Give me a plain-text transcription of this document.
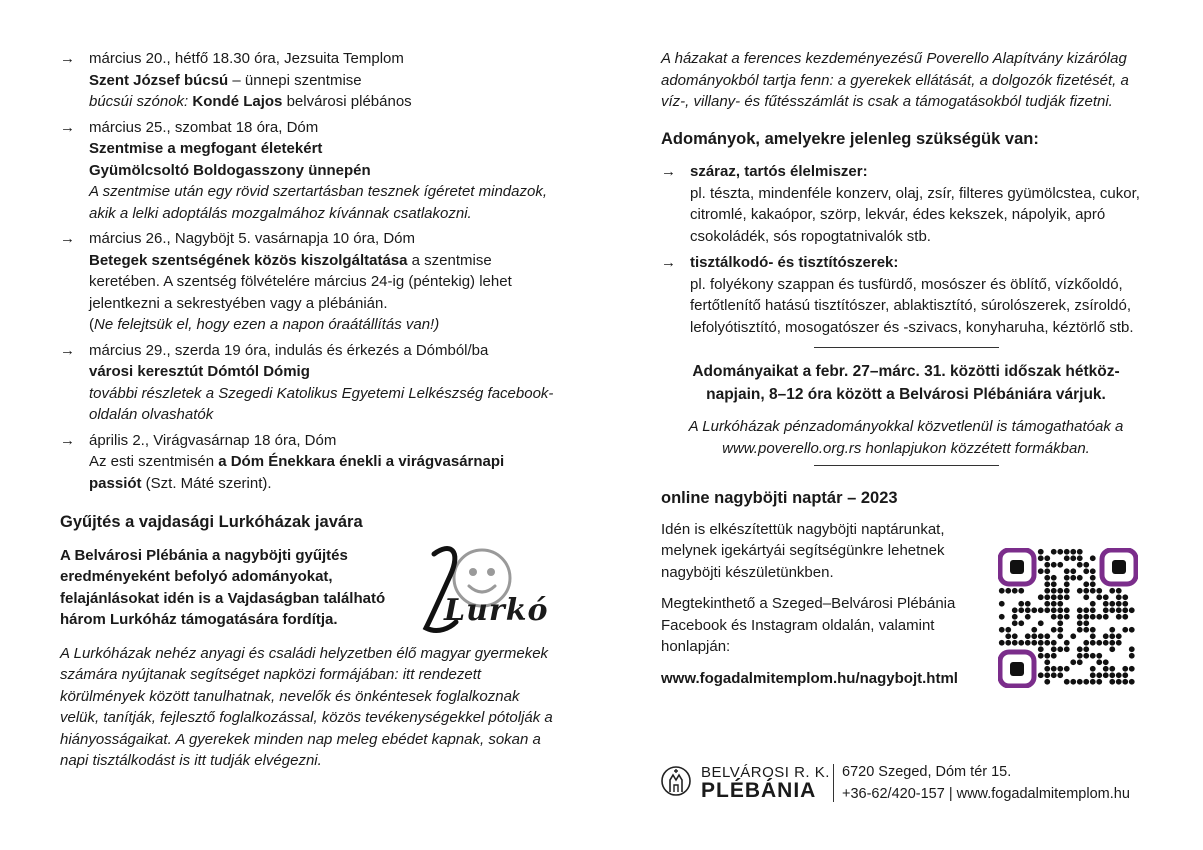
→ március 20., hétfő 18.30 óra, Jezsuita Templom
Szent József búcsú – ünnepi szentmise
búcsúi szónok: Kondé Lajos belvárosi plébános
→ március 25., szombat 18 óra, Dóm
Szentmise a megfogant életekért
Gyümölcsoltó Boldogasszony ünnepén
A szentmise után egy rövid szertartásban tesznek ígéretet mindazok, akik a lelki adoptálás mozgalmához kívánnak csatlakozni.
→ március 26., Nagyböjt 5. vasárnapja 10 óra, Dóm
Betegek szentségének közös kiszolgáltatása a szentmise keretében. A szentség fölvételére március 24-ig (péntekig) lehet jelentkezni a sekrestyében vagy a plébánián.
(Ne felejtsük el, hogy ezen a napon óraátállítás van!)
→ március 29., szerda 19 óra, indulás és érkezés a Dómból/ba
városi keresztút Dómtól Dómig
további részletek a Szegedi Katolikus Egyetemi Lelkészség facebook-oldalán olvashatók
→ április 2., Virágvasárnap 18 óra, Dóm
Az esti szentmisén a Dóm Énekkara énekli a virágvasárnapi passiót (Szt. Máté szerint).
Gyűjtés a vajdasági Lurkóházak javára
A Belvárosi Plébánia a nagyböjti gyűjtés eredményeként befolyó adományokat, felajánlásokat idén is a Vajdaságban található három Lurkóház támogatására fordítja.
A Lurkóházak nehéz anyagi és családi helyzetben élő magyar gyermekek számára nyújtanak segítséget napközi formájában: itt rendezett körülmények között tanulhatnak, nevelők és önkéntesek foglalkoznak velük, tanítják, fejlesztő foglalkozással, közös tevékenységekkel pótolják a hiányosságaikat. A gyerekek minden nap meleg ebédet kapnak, sokan a napi tisztálkodást is itt tudják elvégezni.
Lurkó
A házakat a ferences kezdeményezésű Poverello Alapítvány kizárólag adományokból tartja fenn: a gyerekek ellátását, a dolgozók fizetését, a víz-, villany- és fűtésszámlát is csak a támogatásokból tudják fizetni.
Adományok, amelyekre jelenleg szükségük van:
→ száraz, tartós élelmiszer:
pl. tészta, mindenféle konzerv, olaj, zsír, filteres gyümölcstea, cukor, citromlé, kakaópor, szörp, lekvár, édes kekszek, nápolyik, apró csokoládék, sós ropogtatnivalók stb.
→ tisztálkodó- és tisztítószerek:
pl. folyékony szappan és tusfürdő, mosószer és öblítő, vízkőoldó, fertőtlenítő hatású tisztítószer, ablaktisztító, súrolószerek, zsíroldó, lefolyótisztító, mosogatószer és -szivacs, konyharuha, kéztörlő stb.
Adományaikat a febr. 27–márc. 31. közötti időszak hétköz-
napjain, 8–12 óra között a Belvárosi Plébániára várjuk.
A Lurkóházak pénzadományokkal közvetlenül is támogathatóak a
www.poverello.org.rs honlapjukon közzétett formákban.
online nagyböjti naptár – 2023
Idén is elkészítettük nagyböjti naptárunkat, melynek igekártyái segítségünkre lehetnek nagyböjti készületünkben.
Megtekinthető a Szeged–Belvárosi Plébánia Facebook és Instagram oldalán, valamint honlapján:
www.fogadalmitemplom.hu/nagybojt.html
BELVÁROSI R. K.
PLÉBÁNIA
6720 Szeged, Dóm tér 15.
+36-62/420-157 | www.fogadalmitemplom.hu
